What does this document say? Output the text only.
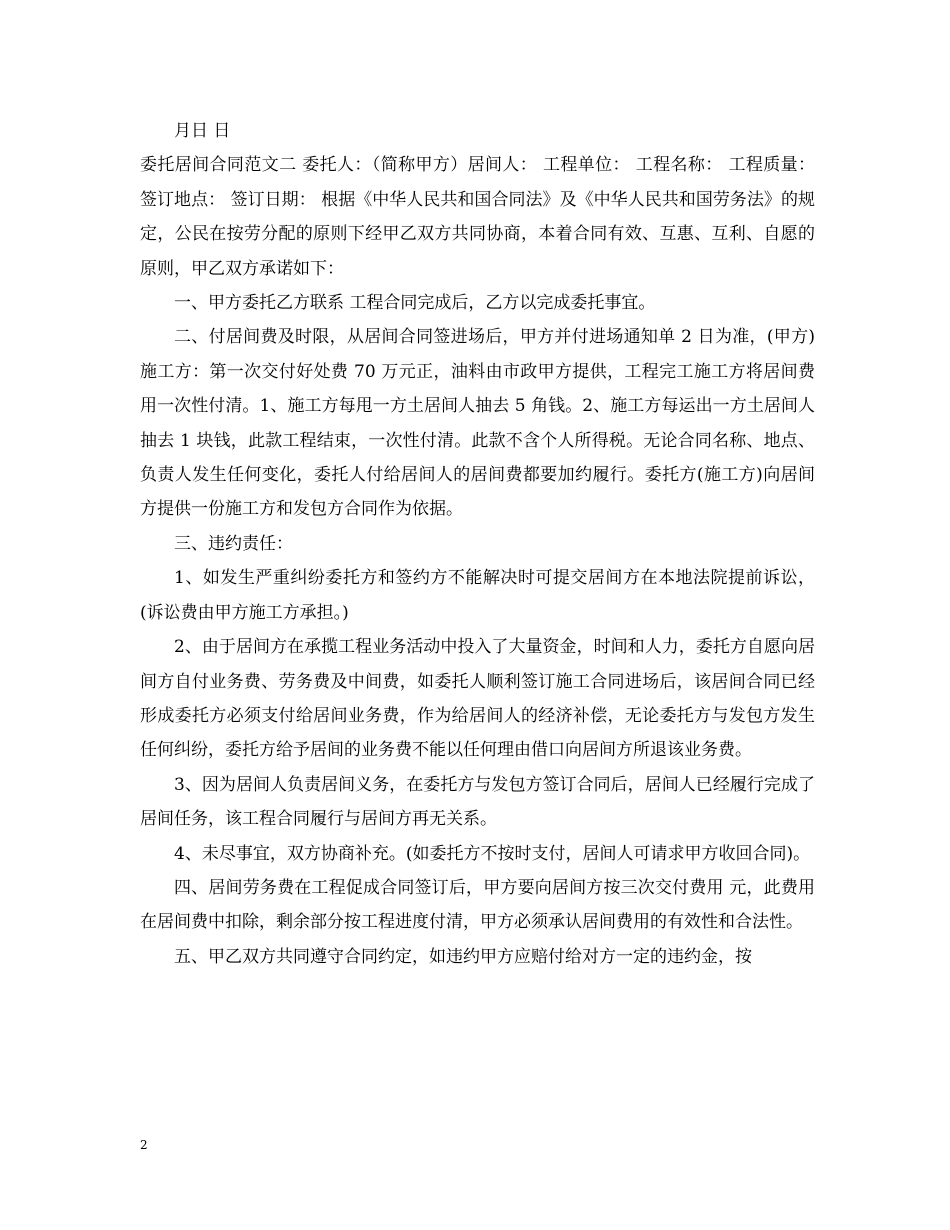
月日 日

委托居间合同范文二 委托人：（简称甲方）居间人： 工程单位： 工程名称： 工程质量： 签订地点： 签订日期： 根据《中华人民共和国合同法》及《中华人民共和国劳务法》的规定，公民在按劳分配的原则下经甲乙双方共同协商，本着合同有效、互惠、互利、自愿的原则，甲乙双方承诺如下：

一、甲方委托乙方联系 工程合同完成后，乙方以完成委托事宜。

二、付居间费及时限，从居间合同签进场后，甲方并付进场通知单 2 日为准，(甲方)施工方：第一次交付好处费 70 万元正，油料由市政甲方提供，工程完工施工方将居间费用一次性付清。1、施工方每甩一方土居间人抽去 5 角钱。2、施工方每运出一方土居间人抽去 1 块钱，此款工程结束，一次性付清。此款不含个人所得税。无论合同名称、地点、负责人发生任何变化，委托人付给居间人的居间费都要加约履行。委托方(施工方)向居间方提供一份施工方和发包方合同作为依据。

三、违约责任：

1、如发生严重纠纷委托方和签约方不能解决时可提交居间方在本地法院提前诉讼，(诉讼费由甲方施工方承担。)

2、由于居间方在承揽工程业务活动中投入了大量资金，时间和人力，委托方自愿向居间方自付业务费、劳务费及中间费，如委托人顺利签订施工合同进场后，该居间合同已经形成委托方必须支付给居间业务费，作为给居间人的经济补偿，无论委托方与发包方发生任何纠纷，委托方给予居间的业务费不能以任何理由借口向居间方所退该业务费。

3、因为居间人负责居间义务，在委托方与发包方签订合同后，居间人已经履行完成了居间任务，该工程合同履行与居间方再无关系。

4、未尽事宜，双方协商补充。(如委托方不按时支付，居间人可请求甲方收回合同)。

四、居间劳务费在工程促成合同签订后，甲方要向居间方按三次交付费用 元，此费用在居间费中扣除，剩余部分按工程进度付清，甲方必须承认居间费用的有效性和合法性。

五、甲乙双方共同遵守合同约定，如违约甲方应赔付给对方一定的违约金，按

2
